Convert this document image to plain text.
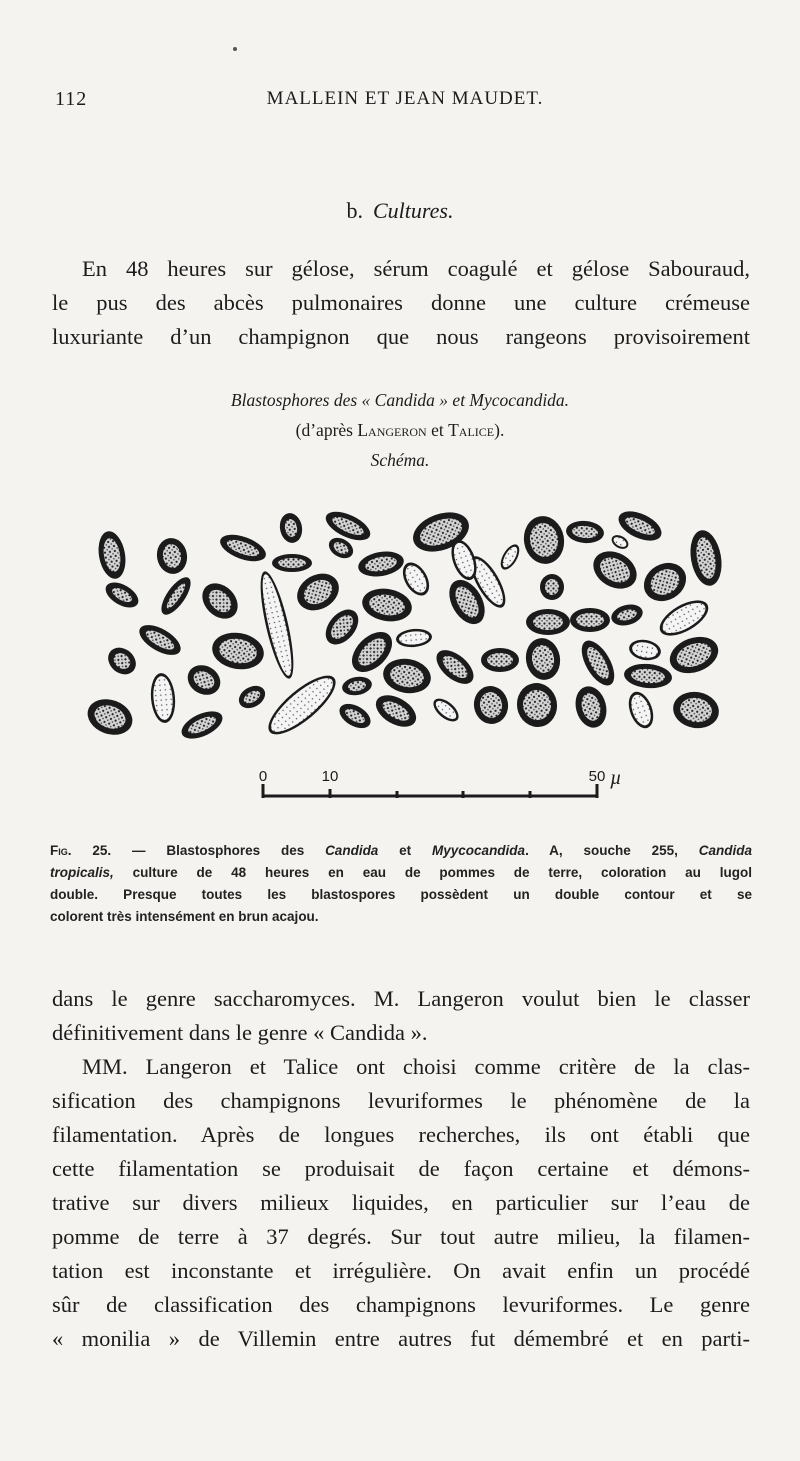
112	MALLEIN ET JEAN MAUDET.
b. Cultures.
En 48 heures sur gélose, sérum coagulé et gélose Sabouraud,
le pus des abcès pulmonaires donne une culture crémeuse
luxuriante d’un champignon que nous rangeons provisoirement
Blastosphores des « Candida » et Mycocandida.
(d’après Langeron et Talice).
Schéma.
0	10	50 µ
Fig. 25. — Blastosphores des Candida et Myycocandida. A, souche 255, Candida
tropicalis, culture de 48 heures en eau de pommes de terre, coloration au lugol
double. Presque toutes les blastospores possèdent un double contour et se
colorent très intensément en brun acajou.
dans le genre saccharomyces. M. Langeron voulut bien le classer
définitivement dans le genre « Candida ».
MM. Langeron et Talice ont choisi comme critère de la clas-
sification des champignons levuriformes le phénomène de la
filamentation. Après de longues recherches, ils ont établi que
cette filamentation se produisait de façon certaine et démons-
trative sur divers milieux liquides, en particulier sur l’eau de
pomme de terre à 37 degrés. Sur tout autre milieu, la filamen-
tation est inconstante et irrégulière. On avait enfin un procédé
sûr de classification des champignons levuriformes. Le genre
« monilia » de Villemin entre autres fut démembré et en parti-
